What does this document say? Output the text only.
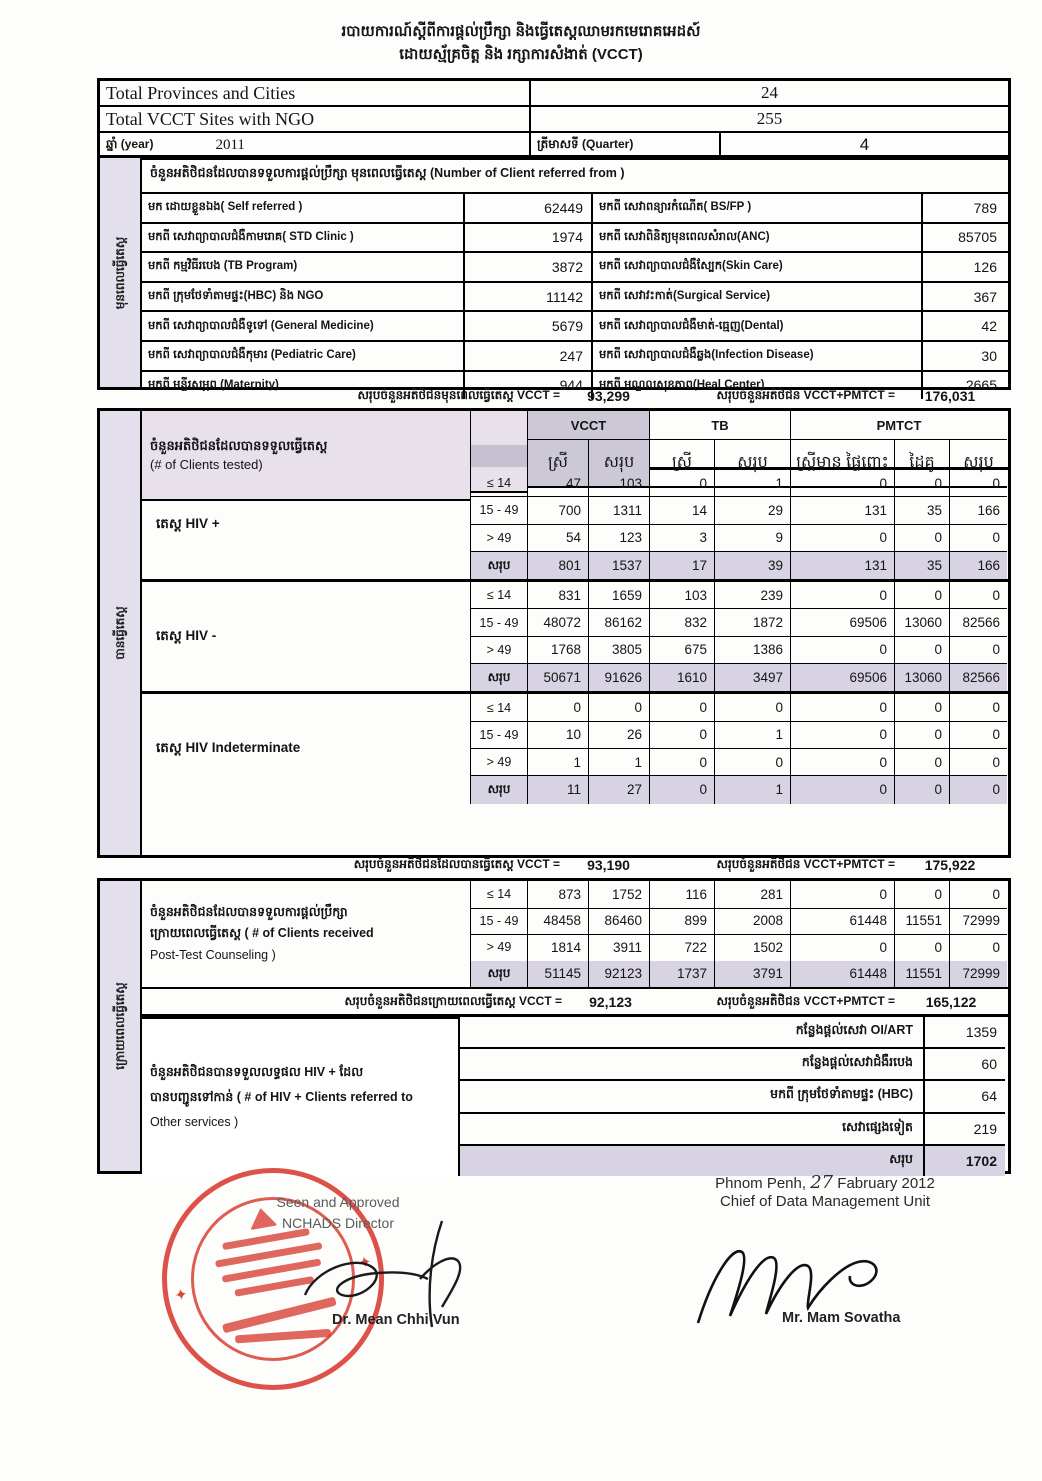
របាយការណ៍ស្តីពីការផ្តល់ប្រឹក្សា និងធ្វើតេស្តឈាមរកមេរោគអេដស៍
ដោយស្ម័គ្រចិត្ត និង រក្សាការសំងាត់ (VCCT)
Total Provinces and Cities	24
Total VCCT Sites with NGO	255
ឆ្នាំ (year)	2011	ត្រីមាសទី (Quarter)	4
មុនពេលធ្វើតេស្ត
ចំនួនអតិថិជនដែលបានទទួលការផ្តល់ប្រឹក្សា មុនពេលធ្វើតេស្ត (Number of Client referred from )
មក ដោយខ្លួនឯង( Self referred )	62449	មកពី សេវាពន្យារកំណើត( BS/FP )	789
មកពី សេវាព្យាបាលជំងឺកាមរោគ( STD Clinic )	1974	មកពី សេវាពិនិត្យមុនពេលសំរាល(ANC)	85705
មកពី កម្មវិធីរបេង (TB Program)	3872	មកពី សេវាព្យាបាលជំងឺស្បែក(Skin Care)	126
មកពី ក្រុមថែទាំតាមផ្ទះ(HBC) និង NGO	11142	មកពី សេវាវះកាត់(Surgical Service)	367
មកពី សេវាព្យាបាលជំងឺទូទៅ (General Medicine)	5679	មកពី សេវាព្យាបាលជំងឺមាត់-ធ្មេញ(Dental)	42
មកពី សេវាព្យាបាលជំងឺកុមារ (Pediatric Care)	247	មកពី សេវាព្យាបាលជំងឺឆ្លង(Infection Disease)	30
មកពី មន្ទីរសម្ភព (Maternity)	944	មកពី មណ្ឌលសុខភាព(Heal Center)	2665
សរុបចំនួនអតិថិជនមុនពេលធ្វើតេស្ត VCCT =	93,299	សរុបចំនួនអតិថិជន VCCT+PMTCT =	176,031
បានធ្វើតេស្ត
ចំនួនអតិថិជនដែលបានទទួលធ្វើតេស្ត
(# of Clients tested)
VCCT	TB	PMTCT
ស្រី	សរុប	ស្រី	សរុប	ស្ត្រីមាន ផ្ទៃពោះ	ដៃគូ	សរុប
តេស្ត HIV +
≤ 14	47	103	0	1	0	0	0
15 - 49	700	1311	14	29	131	35	166
> 49	54	123	3	9	0	0	0
សរុប	801	1537	17	39	131	35	166
តេស្ត HIV -
≤ 14	831	1659	103	239	0	0	0
15 - 49	48072	86162	832	1872	69506	13060	82566
> 49	1768	3805	675	1386	0	0	0
សរុប	50671	91626	1610	3497	69506	13060	82566
តេស្ត HIV Indeterminate
≤ 14	0	0	0	0	0	0	0
15 - 49	10	26	0	1	0	0	0
> 49	1	1	0	0	0	0	0
សរុប	11	27	0	1	0	0	0
សរុបចំនួនអតិថិជនដែលបានធ្វើតេស្ត VCCT =	93,190	សរុបចំនួនអតិថិជន VCCT+PMTCT =	175,922
ក្រោយពេលធ្វើតេស្ត
ចំនួនអតិថិជនដែលបានទទួលការផ្តល់ប្រឹក្សា
ក្រោយពេលធ្វើតេស្ត ( # of Clients received
Post-Test Counseling )
≤ 14	873	1752	116	281	0	0	0
15 - 49	48458	86460	899	2008	61448	11551	72999
> 49	1814	3911	722	1502	0	0	0
សរុប	51145	92123	1737	3791	61448	11551	72999
សរុបចំនួនអតិថិជនក្រោយពេលធ្វើតេស្ត VCCT =	92,123	សរុបចំនួនអតិថិជន VCCT+PMTCT =	165,122
ចំនួនអតិថិជនបានទទួលលទ្ធផល HIV + ដែល
បានបញ្ជូនទៅកាន់ ( # of HIV + Clients referred to
Other services )
កន្លែងផ្តល់សេវា OI/ART	1359
កន្លែងផ្តល់សេវាជំងឺរបេង	60
មកពី ក្រុមថែទាំតាមផ្ទះ (HBC)	64
សេវាផ្សេងទៀត	219
សរុប	1702
✦
✦
Seen and Approved
NCHADS Director
Dr. Mean Chhi Vun
Phnom Penh, 27 Fabruary 2012
Chief of Data Management Unit
Mr. Mam Sovatha
